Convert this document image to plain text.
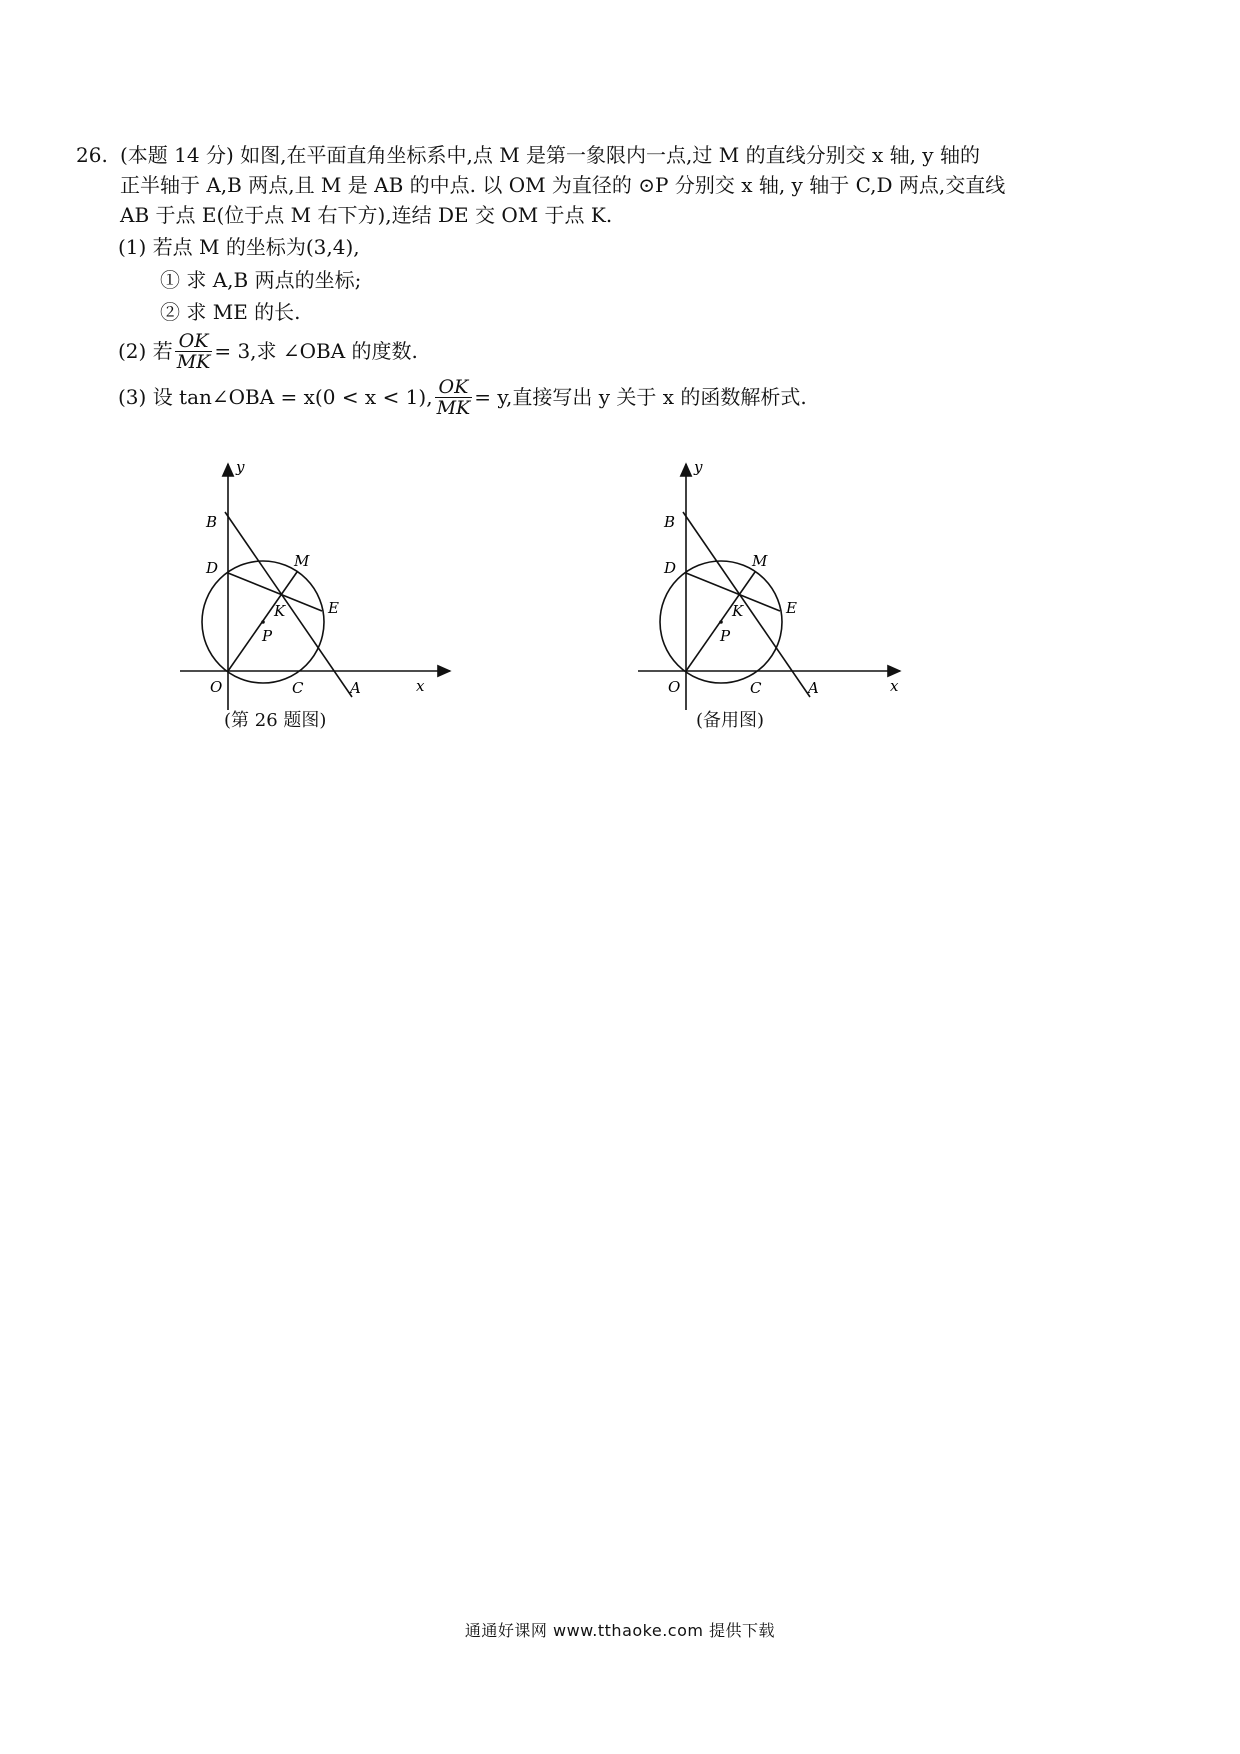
26. (本题 14 分) 如图,在平面直角坐标系中,点 M 是第一象限内一点,过 M 的直线分别交 x 轴, y 轴的

正半轴于 A,B 两点,且 M 是 AB 的中点. 以 OM 为直径的 ⊙P 分别交 x 轴, y 轴于 C,D 两点,交直线

AB 于点 E(位于点 M 右下方),连结 DE 交 OM 于点 K.

(1) 若点 M 的坐标为(3,4),
① 求 A,B 两点的坐标;
② 求 ME 的长.
(2) 若 $\frac{OK}{MK} = 3$,求 ∠OBA 的度数.
(3) 设 tan∠OBA = x(0 < x < 1), $\frac{OK}{MK} = y$,直接写出 y 关于 x 的函数解析式.
y
x
B
D	M
K	E
P
O	C	A
(第 26 题图)
y
x
B
D	M
K	E
P
O	C	A
(备用图)
通通好课网 www.tthaoke.com 提供下载
